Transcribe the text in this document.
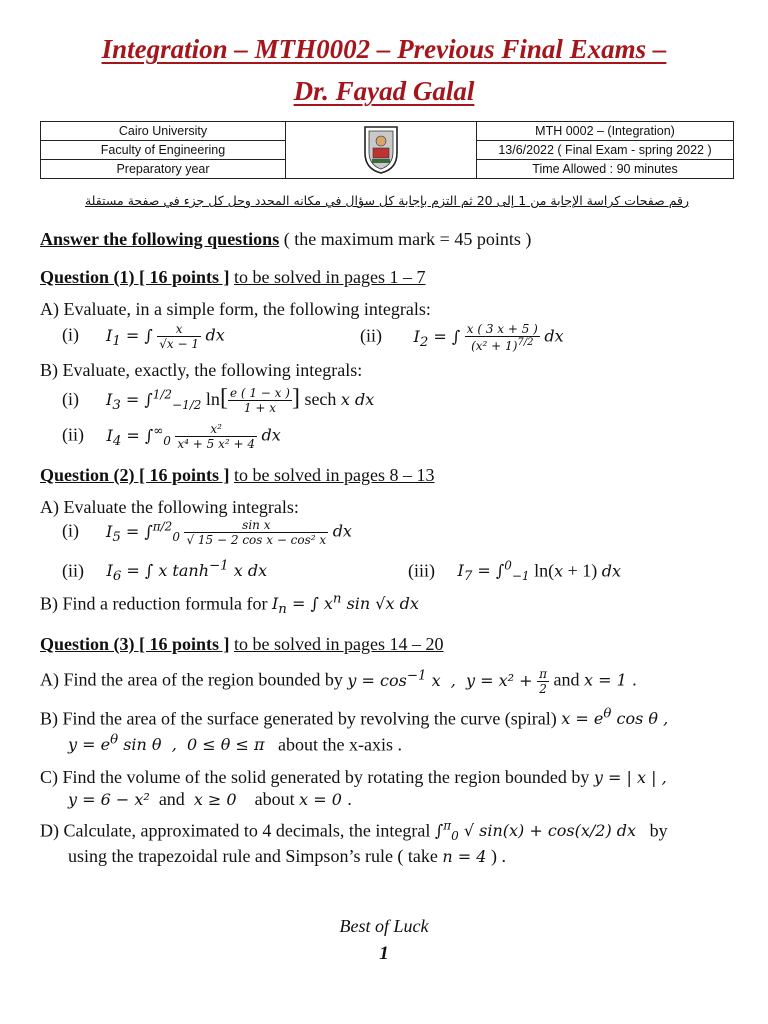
Integration – MTH0002 – Previous Final Exams –
Dr. Fayad Galal
Cairo University		MTH 0002 – (Integration)
Faculty of Engineering		13/6/2022 ( Final Exam - spring 2022 )
Preparatory year		Time Allowed : 90 minutes
رقم صفحات كراسة الإجابة من 1 إلى 20 ثم التزم بإجابة كل سؤال في مكانه المحدد وحل كل جزء في صفحة مستقلة
Answer the following questions ( the maximum mark = 45 points )
Question (1) [ 16 points ] to be solved in pages 1 – 7
A) Evaluate, in a simple form, the following integrals:
(i)      $I_1$ = ∫ $\frac{x}{√x - 1}$ dx	(ii)       $I_2$ = ∫ $\frac{x ( 3 x + 5 )}{(x^2 + 1)^{7/2}}$ dx
B) Evaluate, exactly, the following integrals:
(i)      $I_3 = \int^{1/2}_{-1/2}$ $\ln[ \frac{e ( 1 - x )}{1 + x}$ ] sech x dx
(ii)     $I_4 = \int^\infty_0 \frac{\text{x²}}{\text{x⁴ + 5 x² + 4}}$ dx
Question (2) [ 16 points ] to be solved in pages 8 – 13
A) Evaluate the following integrals:
(i)      $I_5 = \int^{\pi/2}_0 \frac{\text{sin x}}{\text{√ 15 − 2 cos x − cos² x}}$ dx
(ii)     $I_6$ = ∫ x $\tanh^{-1} x$ dx	(iii)     $I_7 = \int^0_{-1}$ ln(x + 1) dx
B) Find a reduction formula for $I_n$ = ∫ $x^n$ sin √x dx
Question (3) [ 16 points ] to be solved in pages 14 – 20
A) Find the area of the region bounded by $y = \cos^{-1} x$  ,  $y = x^2 + \frac{\pi}{2}$ and x = 1 .
B) Find the area of the surface generated by revolving the curve (spiral) $x = e^\theta$ cos θ ,
$y = e^\theta$ sin θ  ,  0 ≤ θ ≤ π about the x-axis .
C) Find the volume of the solid generated by rotating the region bounded by y = | x | ,
y = 6 − x²  and  x ≥ 0 about x = 0 .
D) Calculate, approximated to 4 decimals, the integral ∫$^\pi_0$ √ sin(x) + cos(x/2) dx by
using the trapezoidal rule and Simpson’s rule ( take n = 4 ) .
Best of Luck
1
